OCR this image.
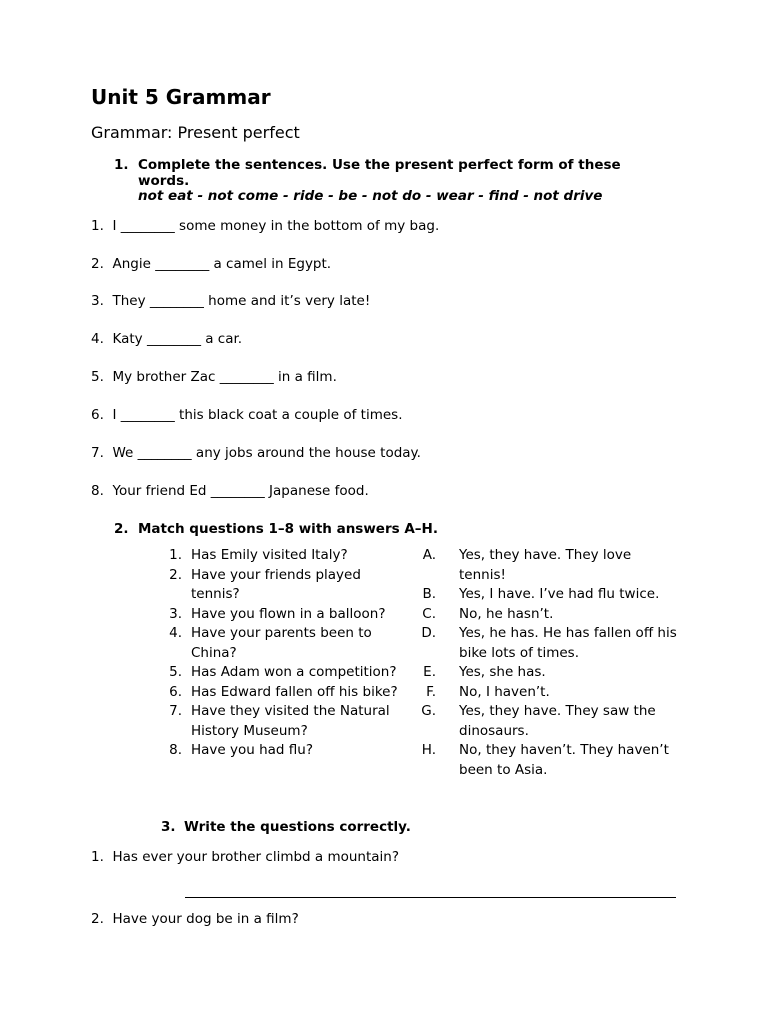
Unit 5 Grammar
Grammar: Present perfect
1. Complete the sentences. Use the present perfect form of these
words.
not eat - not come - ride - be - not do - wear - find - not drive
1. I ________ some money in the bottom of my bag.
2. Angie ________ a camel in Egypt.
3. They ________ home and it’s very late!
4. Katy ________ a car.
5. My brother Zac ________ in a film.
6. I ________ this black coat a couple of times.
7. We ________ any jobs around the house today.
8. Your friend Ed ________ Japanese food.
2. Match questions 1–8 with answers A–H.
1. Has Emily visited Italy?
2. Have your friends played tennis?
3. Have you flown in a balloon?
4. Have your parents been to China?
5. Has Adam won a competition?
6. Has Edward fallen off his bike?
7. Have they visited the Natural History Museum?
8. Have you had flu?
A. Yes, they have. They love tennis!
B. Yes, I have. I’ve had flu twice.
C. No, he hasn’t.
D. Yes, he has. He has fallen off his bike lots of times.
E. Yes, she has.
F. No, I haven’t.
G. Yes, they have. They saw the dinosaurs.
H. No, they haven’t. They haven’t been to Asia.
3. Write the questions correctly.
1. Has ever your brother climbd a mountain?
2. Have your dog be in a film?
